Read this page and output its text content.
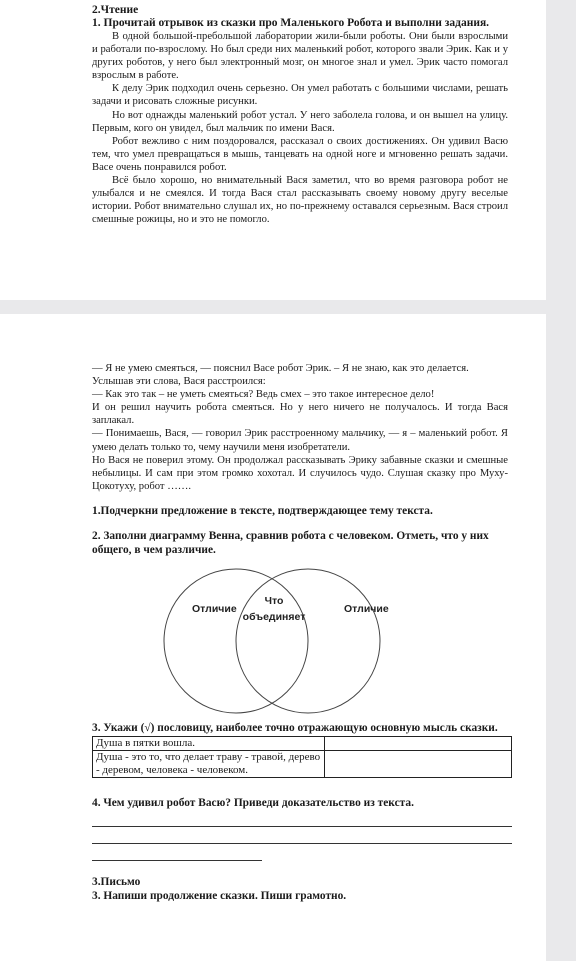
2.Чтение

1. Прочитай отрывок из сказки про Маленького Робота и выполни задания.

В одной большой-пребольшой лаборатории жили-были роботы. Они были взрослыми и работали по-взрослому. Но был среди них маленький робот, которого звали Эрик. Как и у других роботов, у него был электронный мозг, он многое знал и умел. Эрик часто помогал взрослым в работе.

К делу Эрик подходил очень серьезно. Он умел работать с большими числами, решать задачи и рисовать сложные рисунки.

Но вот однажды маленький робот устал. У него заболела голова, и он вышел на улицу. Первым, кого он увидел, был мальчик по имени Вася.

Робот вежливо с ним поздоровался, рассказал о своих достижениях. Он удивил Васю тем, что умел превращаться в мышь, танцевать на одной ноге и мгновенно решать задачи. Васе очень понравился робот.

Всё было хорошо, но внимательный Вася заметил, что во время разговора робот не улыбался и не смеялся. И тогда Вася стал рассказывать своему новому другу веселые истории. Робот внимательно слушал их, но по-прежнему оставался серьезным. Вася строил смешные рожицы, но и это не помогло.

— Я не умею смеяться, — пояснил Васе робот Эрик. – Я не знаю, как это делается.

Услышав эти слова, Вася расстроился:

— Как это так – не уметь смеяться? Ведь смех – это такое интересное дело!

И он решил научить робота смеяться. Но у него ничего не получалось. И тогда Вася заплакал.

— Понимаешь, Вася, — говорил Эрик расстроенному мальчику, — я – маленький робот. Я умею делать только то, чему научили меня изобретатели.

Но Вася не поверил этому. Он продолжал рассказывать Эрику забавные сказки и смешные небылицы. И сам при этом громко хохотал. И случилось чудо. Слушая сказку про Муху-Цокотуху, робот …….

1.Подчеркни предложение в тексте, подтверждающее тему текста.

2. Заполни диаграмму Венна, сравнив робота с человеком. Отметь, что у них общего, в чем различие.

Отличие
Что
объединяет
Отличие

3. Укажи (√) пословицу, наиболее точно отражающую основную мысль сказки.

Душа в пятки вошла.	
Душа - это то, что делает траву - травой, дерево - деревом, человека - человеком.	

4. Чем удивил робот Васю? Приведи доказательство из текста.

3.Письмо

3. Напиши продолжение сказки. Пиши грамотно.
